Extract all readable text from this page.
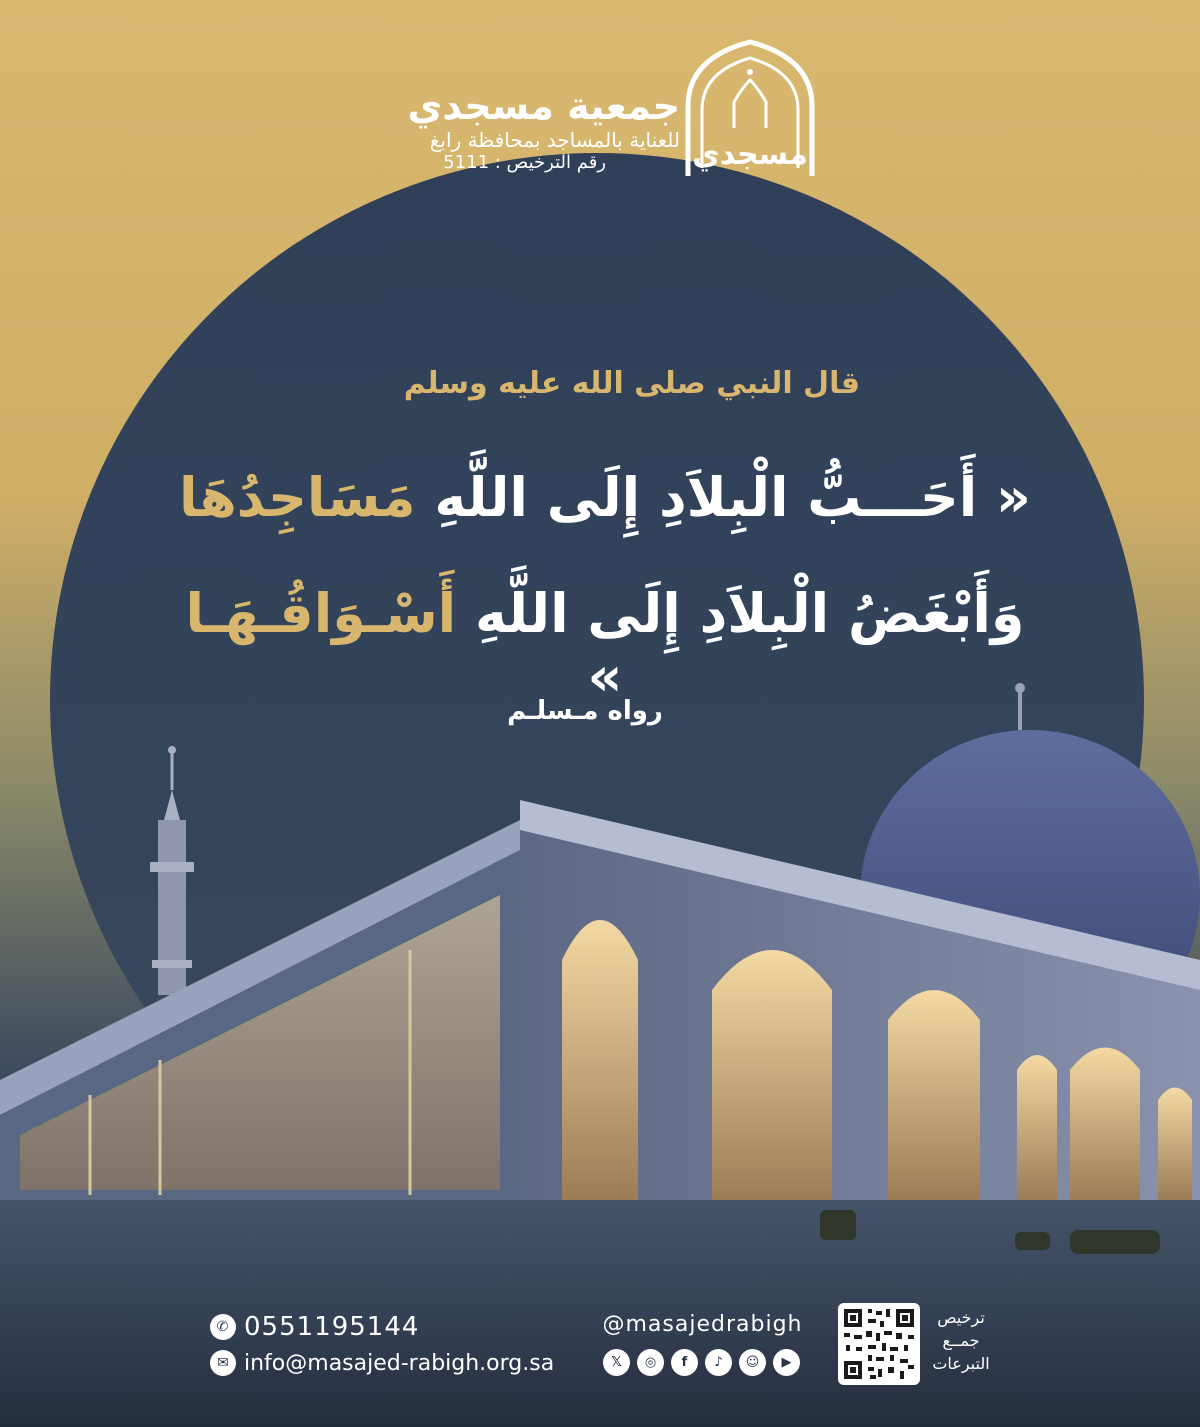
مسجدي
جمعية مسجدي
للعناية بالمساجد بمحافظة رابغ
رقم الترخيص : 5111
قال النبي صلى الله عليه وسلم
« أَحَـــبُّ الْبِلاَدِ إِلَى اللَّهِ مَسَاجِدُهَا
وَأَبْغَضُ الْبِلاَدِ إِلَى اللَّهِ أَسْـوَاقُـهَـا »
رواه مـسلـم
✆ 0551195144
✉ info@masajed-rabigh.org.sa
@masajedrabigh
𝕏	◎	f	♪	☺	▶
ترخيص جمــع التبرعات
